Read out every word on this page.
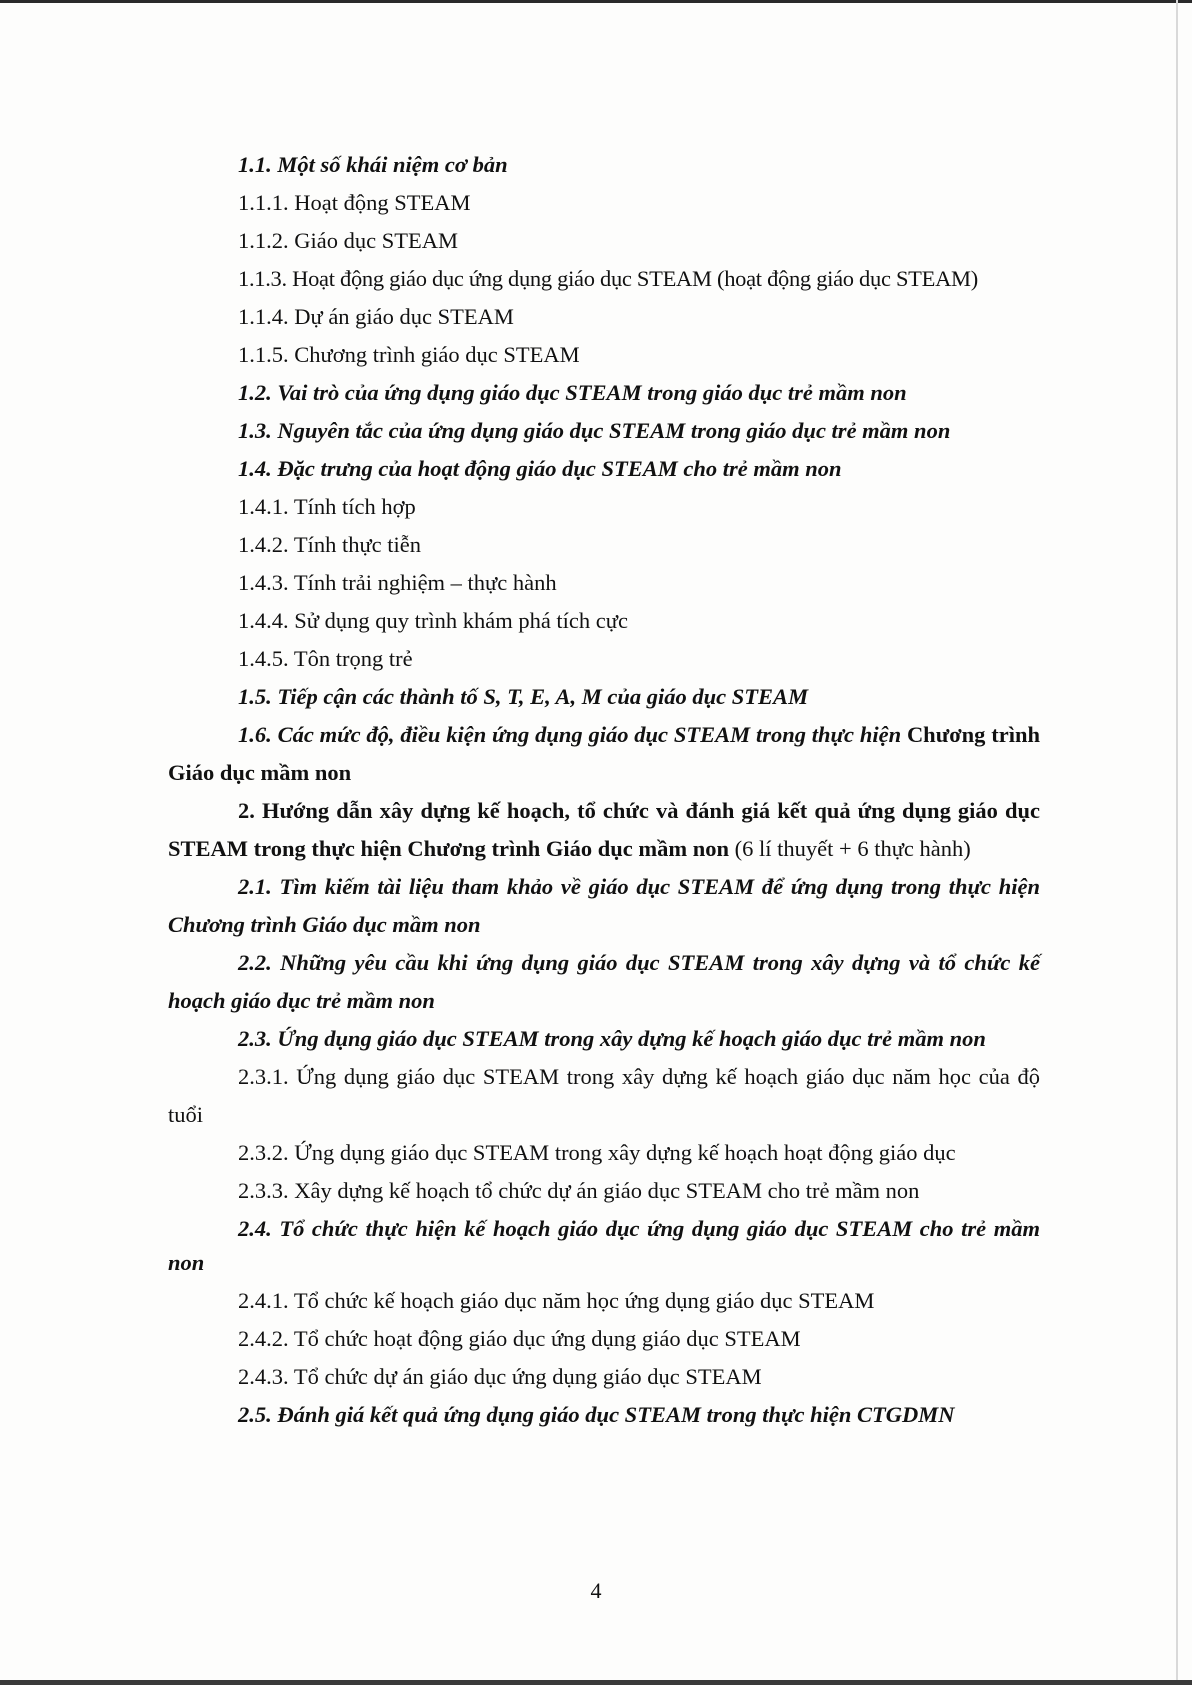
1.1. Một số khái niệm cơ bản
1.1.1. Hoạt động STEAM
1.1.2. Giáo dục STEAM
1.1.3. Hoạt động giáo dục ứng dụng giáo dục STEAM (hoạt động giáo dục STEAM)
1.1.4. Dự án giáo dục STEAM
1.1.5. Chương trình giáo dục STEAM
1.2. Vai trò của ứng dụng giáo dục STEAM trong giáo dục trẻ mầm non
1.3. Nguyên tắc của ứng dụng giáo dục STEAM trong giáo dục trẻ mầm non
1.4. Đặc trưng của hoạt động giáo dục STEAM cho trẻ mầm non
1.4.1. Tính tích hợp
1.4.2. Tính thực tiễn
1.4.3. Tính trải nghiệm – thực hành
1.4.4. Sử dụng quy trình khám phá tích cực
1.4.5. Tôn trọng trẻ
1.5. Tiếp cận các thành tố S, T, E, A, M của giáo dục STEAM
1.6. Các mức độ, điều kiện ứng dụng giáo dục STEAM trong thực hiện Chương trình Giáo dục mầm non
2. Hướng dẫn xây dựng kế hoạch, tổ chức và đánh giá kết quả ứng dụng giáo dục STEAM trong thực hiện Chương trình Giáo dục mầm non (6 lí thuyết + 6 thực hành)
2.1. Tìm kiếm tài liệu tham khảo về giáo dục STEAM để ứng dụng trong thực hiện Chương trình Giáo dục mầm non
2.2. Những yêu cầu khi ứng dụng giáo dục STEAM trong xây dựng và tổ chức kế hoạch giáo dục trẻ mầm non
2.3. Ứng dụng giáo dục STEAM trong xây dựng kế hoạch giáo dục trẻ mầm non
2.3.1. Ứng dụng giáo dục STEAM trong xây dựng kế hoạch giáo dục năm học của độ tuổi
2.3.2. Ứng dụng giáo dục STEAM trong xây dựng kế hoạch hoạt động giáo dục
2.3.3. Xây dựng kế hoạch tổ chức dự án giáo dục STEAM cho trẻ mầm non
2.4. Tổ chức thực hiện kế hoạch giáo dục ứng dụng giáo dục STEAM cho trẻ mầm non
2.4.1. Tổ chức kế hoạch giáo dục năm học ứng dụng giáo dục STEAM
2.4.2. Tổ chức hoạt động giáo dục ứng dụng giáo dục STEAM
2.4.3. Tổ chức dự án giáo dục ứng dụng giáo dục STEAM
2.5. Đánh giá kết quả ứng dụng giáo dục STEAM trong thực hiện CTGDMN
4
